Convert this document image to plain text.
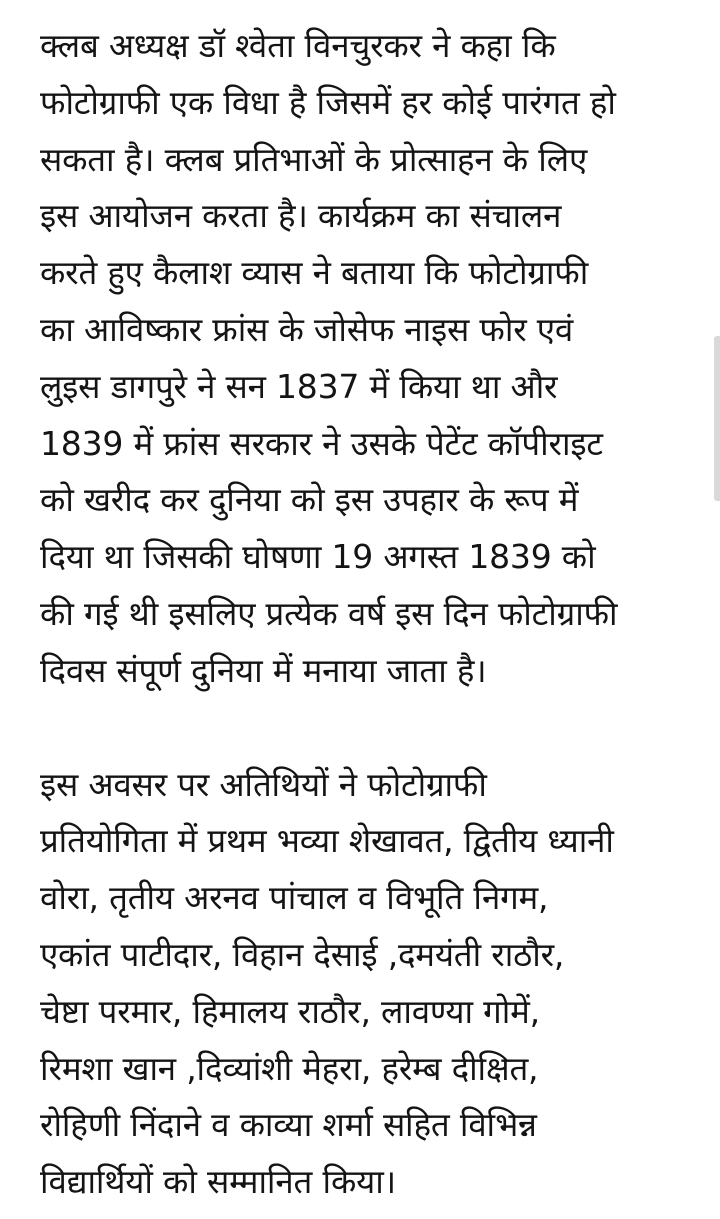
क्लब अध्यक्ष डॉ श्वेता विनचुरकर ने कहा कि
फोटोग्राफी एक विधा है जिसमें हर कोई पारंगत हो
सकता है। क्लब प्रतिभाओं के प्रोत्साहन के लिए
इस आयोजन करता है। कार्यक्रम का संचालन
करते हुए कैलाश व्यास ने बताया कि फोटोग्राफी
का आविष्कार फ्रांस के जोसेफ नाइस फोर एवं
लुइस डागपुरे ने सन 1837 में किया था और
1839 में फ्रांस सरकार ने उसके पेटेंट कॉपीराइट
को खरीद कर दुनिया को इस उपहार के रूप में
दिया था जिसकी घोषणा 19 अगस्त 1839 को
की गई थी इसलिए प्रत्येक वर्ष इस दिन फोटोग्राफी
दिवस संपूर्ण दुनिया में मनाया जाता है।

इस अवसर पर अतिथियों ने फोटोग्राफी
प्रतियोगिता में प्रथम भव्या शेखावत, द्वितीय ध्यानी
वोरा, तृतीय अरनव पांचाल व विभूति निगम,
एकांत पाटीदार, विहान देसाई ,दमयंती राठौर,
चेष्टा परमार, हिमालय राठौर, लावण्या गोमें,
रिमशा खान ,दिव्यांशी मेहरा, हरेम्ब दीक्षित,
रोहिणी निंदाने व काव्या शर्मा सहित विभिन्न
विद्यार्थियों को सम्मानित किया।
